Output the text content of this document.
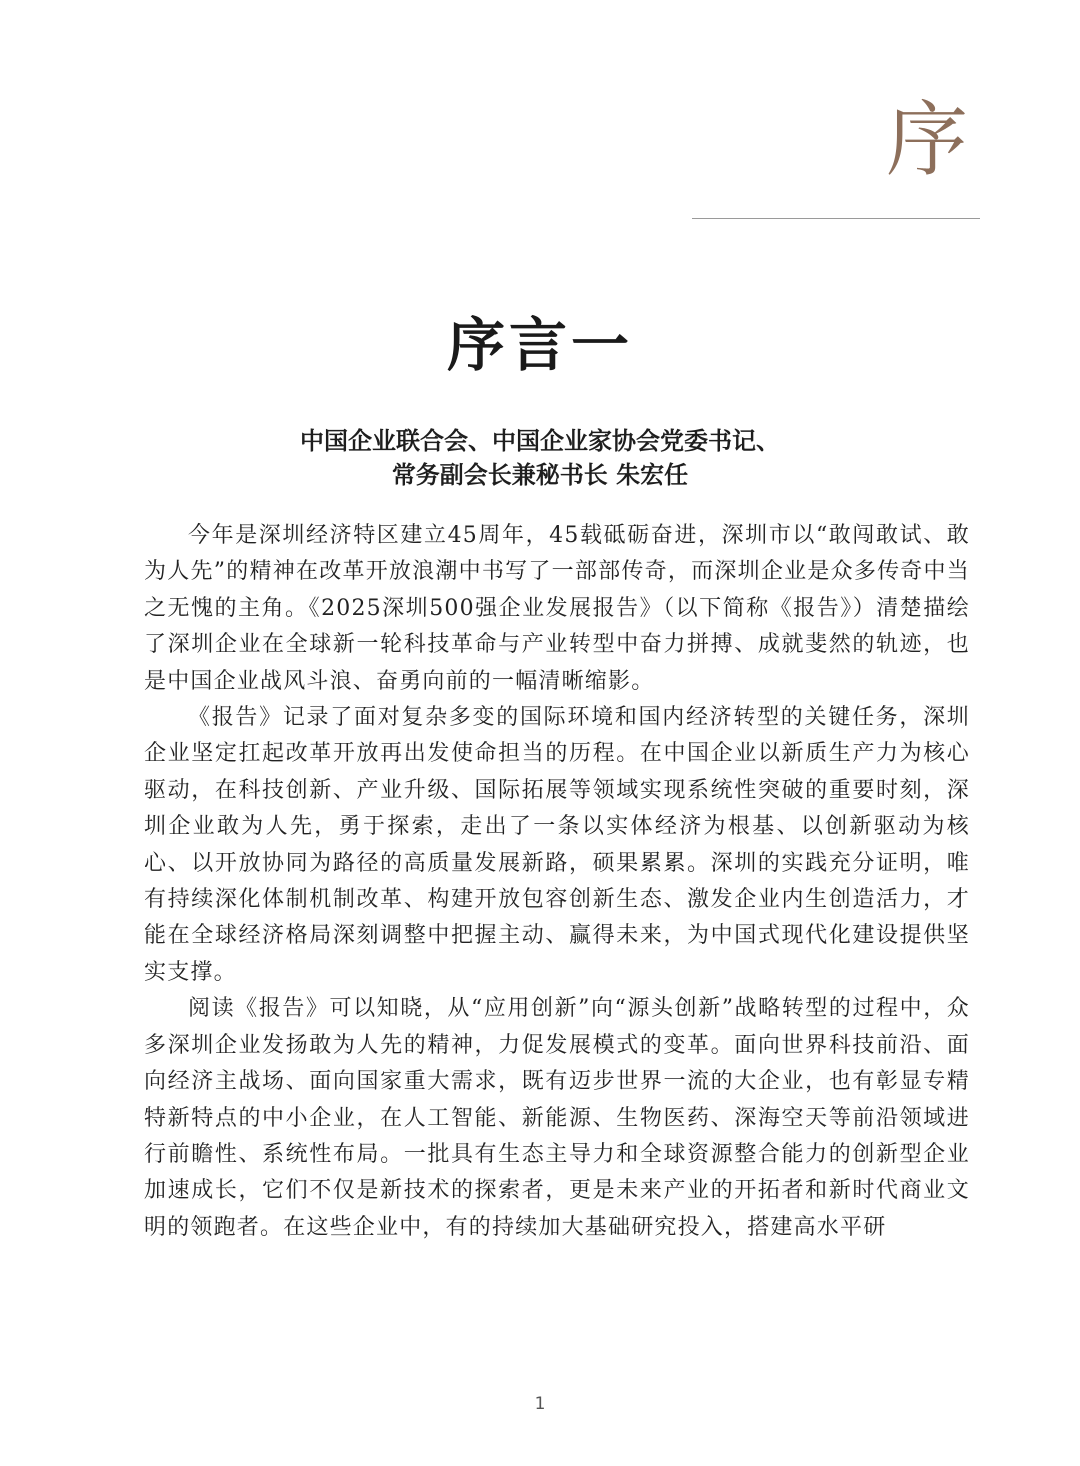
序
序言一
中国企业联合会、中国企业家协会党委书记、
常务副会长兼秘书长 朱宏任

今年是深圳经济特区建立45周年，45载砥砺奋进，深圳市以“敢闯敢试、敢为人先”的精神在改革开放浪潮中书写了一部部传奇，而深圳企业是众多传奇中当之无愧的主角。《2025深圳500强企业发展报告》（以下简称《报告》）清楚描绘了深圳企业在全球新一轮科技革命与产业转型中奋力拼搏、成就斐然的轨迹，也是中国企业战风斗浪、奋勇向前的一幅清晰缩影。

《报告》记录了面对复杂多变的国际环境和国内经济转型的关键任务，深圳企业坚定扛起改革开放再出发使命担当的历程。在中国企业以新质生产力为核心驱动，在科技创新、产业升级、国际拓展等领域实现系统性突破的重要时刻，深圳企业敢为人先，勇于探索，走出了一条以实体经济为根基、以创新驱动为核心、以开放协同为路径的高质量发展新路，硕果累累。深圳的实践充分证明，唯有持续深化体制机制改革、构建开放包容创新生态、激发企业内生创造活力，才能在全球经济格局深刻调整中把握主动、赢得未来，为中国式现代化建设提供坚实支撑。

阅读《报告》可以知晓，从“应用创新”向“源头创新”战略转型的过程中，众多深圳企业发扬敢为人先的精神，力促发展模式的变革。面向世界科技前沿、面向经济主战场、面向国家重大需求，既有迈步世界一流的大企业，也有彰显专精特新特点的中小企业，在人工智能、新能源、生物医药、深海空天等前沿领域进行前瞻性、系统性布局。一批具有生态主导力和全球资源整合能力的创新型企业加速成长，它们不仅是新技术的探索者，更是未来产业的开拓者和新时代商业文明的领跑者。在这些企业中，有的持续加大基础研究投入，搭建高水平研

1
